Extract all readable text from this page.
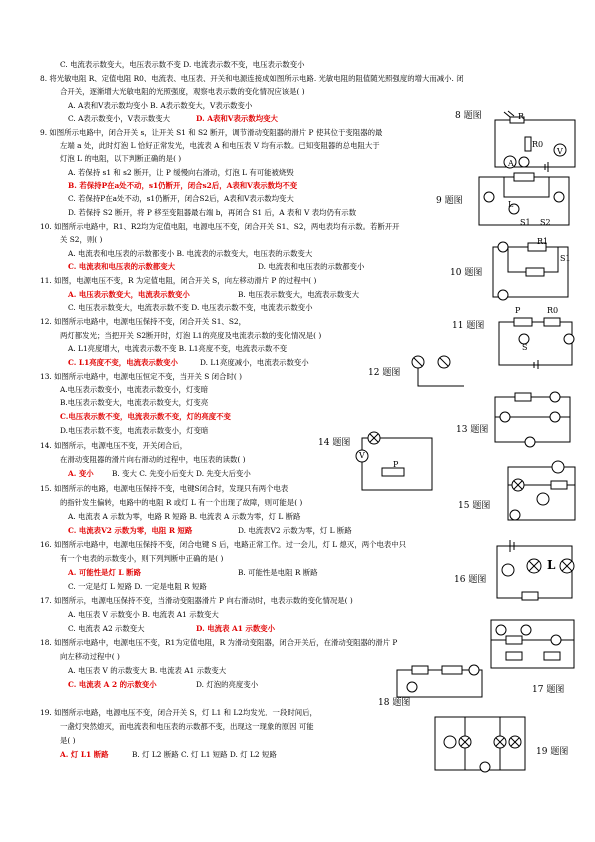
C. 电流表示数变大，电压表示数不变 D. 电流表示数不变，电压表示数变小
8. 将光敏电阻 R、定值电阻 R0、电流表、电压表、开关和电源连接成如图所示电路. 光敏电阻的阻值随光照强度的增大而减小. 闭
合开关，逐渐增大光敏电阻的光照强度，观察电表示数的变化情况应该是( )
A. A表和V表示数均变小 B. A表示数变大，V表示数变小
C. A表示数变小，V表示数变大	D. A表和V表示数均变大
9. 如图所示电路中，闭合开关 s，让开关 S1 和 S2 断开，调节滑动变阻器的滑片 P 使其位于变阻器的最
左端 a 处，此时灯泡 L 恰好正常发光，电流表 A 和电压表 V 均有示数。已知变阻器的总电阻大于
灯泡 L 的电阻，以下判断正确的是( )
A. 若保持 s1 和 s2 断开，让 P 缓慢向右滑动，灯泡 L 有可能被烧毁
B. 若保持P在a处不动，s1仍断开，闭合s2后，A表和V表示数均不变
C. 若保持P在a处不动，s1仍断开，闭合S2后，A表和V表示数均变大
D. 若保持 S2 断开，将 P 移至变阻器最右端 b，再闭合 S1 后，A 表和 V 表均仍有示数
10. 如图所示电路中，R1、R2均为定值电阻，电源电压不变，闭合开关 S1、S2，两电表均有示数。若断开开
关 S2，则( )
A. 电流表和电压表的示数都变小 B. 电流表的示数变大，电压表的示数变大
C. 电流表和电压表的示数都变大	D. 电流表和电压表的示数都变小
11. 如图，电源电压不变，R 为定值电阻，闭合开关 S，向左移动滑片 P 的过程中( )
A. 电压表示数变大，电流表示数变小	B. 电压表示数变大，电流表示数变大
C. 电压表示数变大，电流表示数不变 D. 电压表示数不变，电流表示数变小
12. 如图所示电路中，电源电压保持不变，闭合开关 S1、S2，
两灯都发光；当把开关 S2断开时，灯泡 L1的亮度及电流表示数的变化情况是( )
A. L1亮度增大，电流表示数不变 B. L1亮度不变，电流表示数不变
C. L1亮度不变，电流表示数变小	D. L1亮度减小，电流表示数变小
13. 如图所示电路中，电源电压恒定不变，当开关 S 闭合时( )
A.电压表示数变小，电流表示数变小，灯变暗
B.电压表示数变大，电流表示数变大，灯变亮
C.电压表示数不变，电流表示数不变，灯的亮度不变
D.电压表示数不变，电流表示数变小，灯变暗
14. 如图所示，电源电压不变，开关闭合后，
在滑动变阻器的滑片向右滑动的过程中，电压表的读数( )
A. 变小 B. 变大 C. 先变小后变大 D. 先变大后变小
15. 如图所示的电路，电源电压保持不变，电键S闭合时，发现只有两个电表
的指针发生偏转，电路中的电阻 R 或灯 L 有一个出现了故障，则可能是( )
A. 电流表 A 示数为零，电路 R 短路 B. 电流表 A 示数为零，灯 L 断路
C. 电流表V2 示数为零，电阻 R 短路	D. 电流表V2 示数为零，灯 L 断路
16. 如图所示电路中，电源电压保持不变，闭合电键 S 后，电路正常工作。过一会儿，灯 L 熄灭，两个电表中只
有一个电表的示数变小，则下列判断中正确的是( )
A. 可能性是灯 L 断路	B. 可能性是电阻 R 断路
C. 一定是灯 L 短路 D. 一定是电阻 R 短路
17. 如图所示，电源电压保持不变，当滑动变阻器滑片 P 向右滑动时，电表示数的变化情况是( )
A. 电压表 V 示数变小 B. 电流表 A1 示数变大
C. 电流表 A2 示数变大	D. 电流表 A1 示数变小
18. 如图所示电路中，电源电压不变，R1为定值电阻，R 为滑动变阻器，闭合开关后，在滑动变阻器的滑片 P
向左移动过程中( )
A. 电压表 V 的示数变大 B. 电流表 A1 示数变大
C. 电流表 A 2 的示数变小	D. 灯泡的亮度变小
19. 如图所示电路，电源电压不变，闭合开关 S，灯 L1 和 L2均发光．一段时间后，
一盏灯突然熄灭，而电流表和电压表的示数都不变，出现这一现象的原因 可能
是( )
A. 灯 L1 断路	B. 灯 L2 断路 C. 灯 L1 短路 D. 灯 L2 短路
8 题图
9 题图
10 题图
11 题图
12 题图
13 题图
14 题图
15 题图
16 题图
17 题图
18 题图
19 题图
R
R0
A
V
S1 S2
L
R1
S1
P	R0
S
V
P
L
